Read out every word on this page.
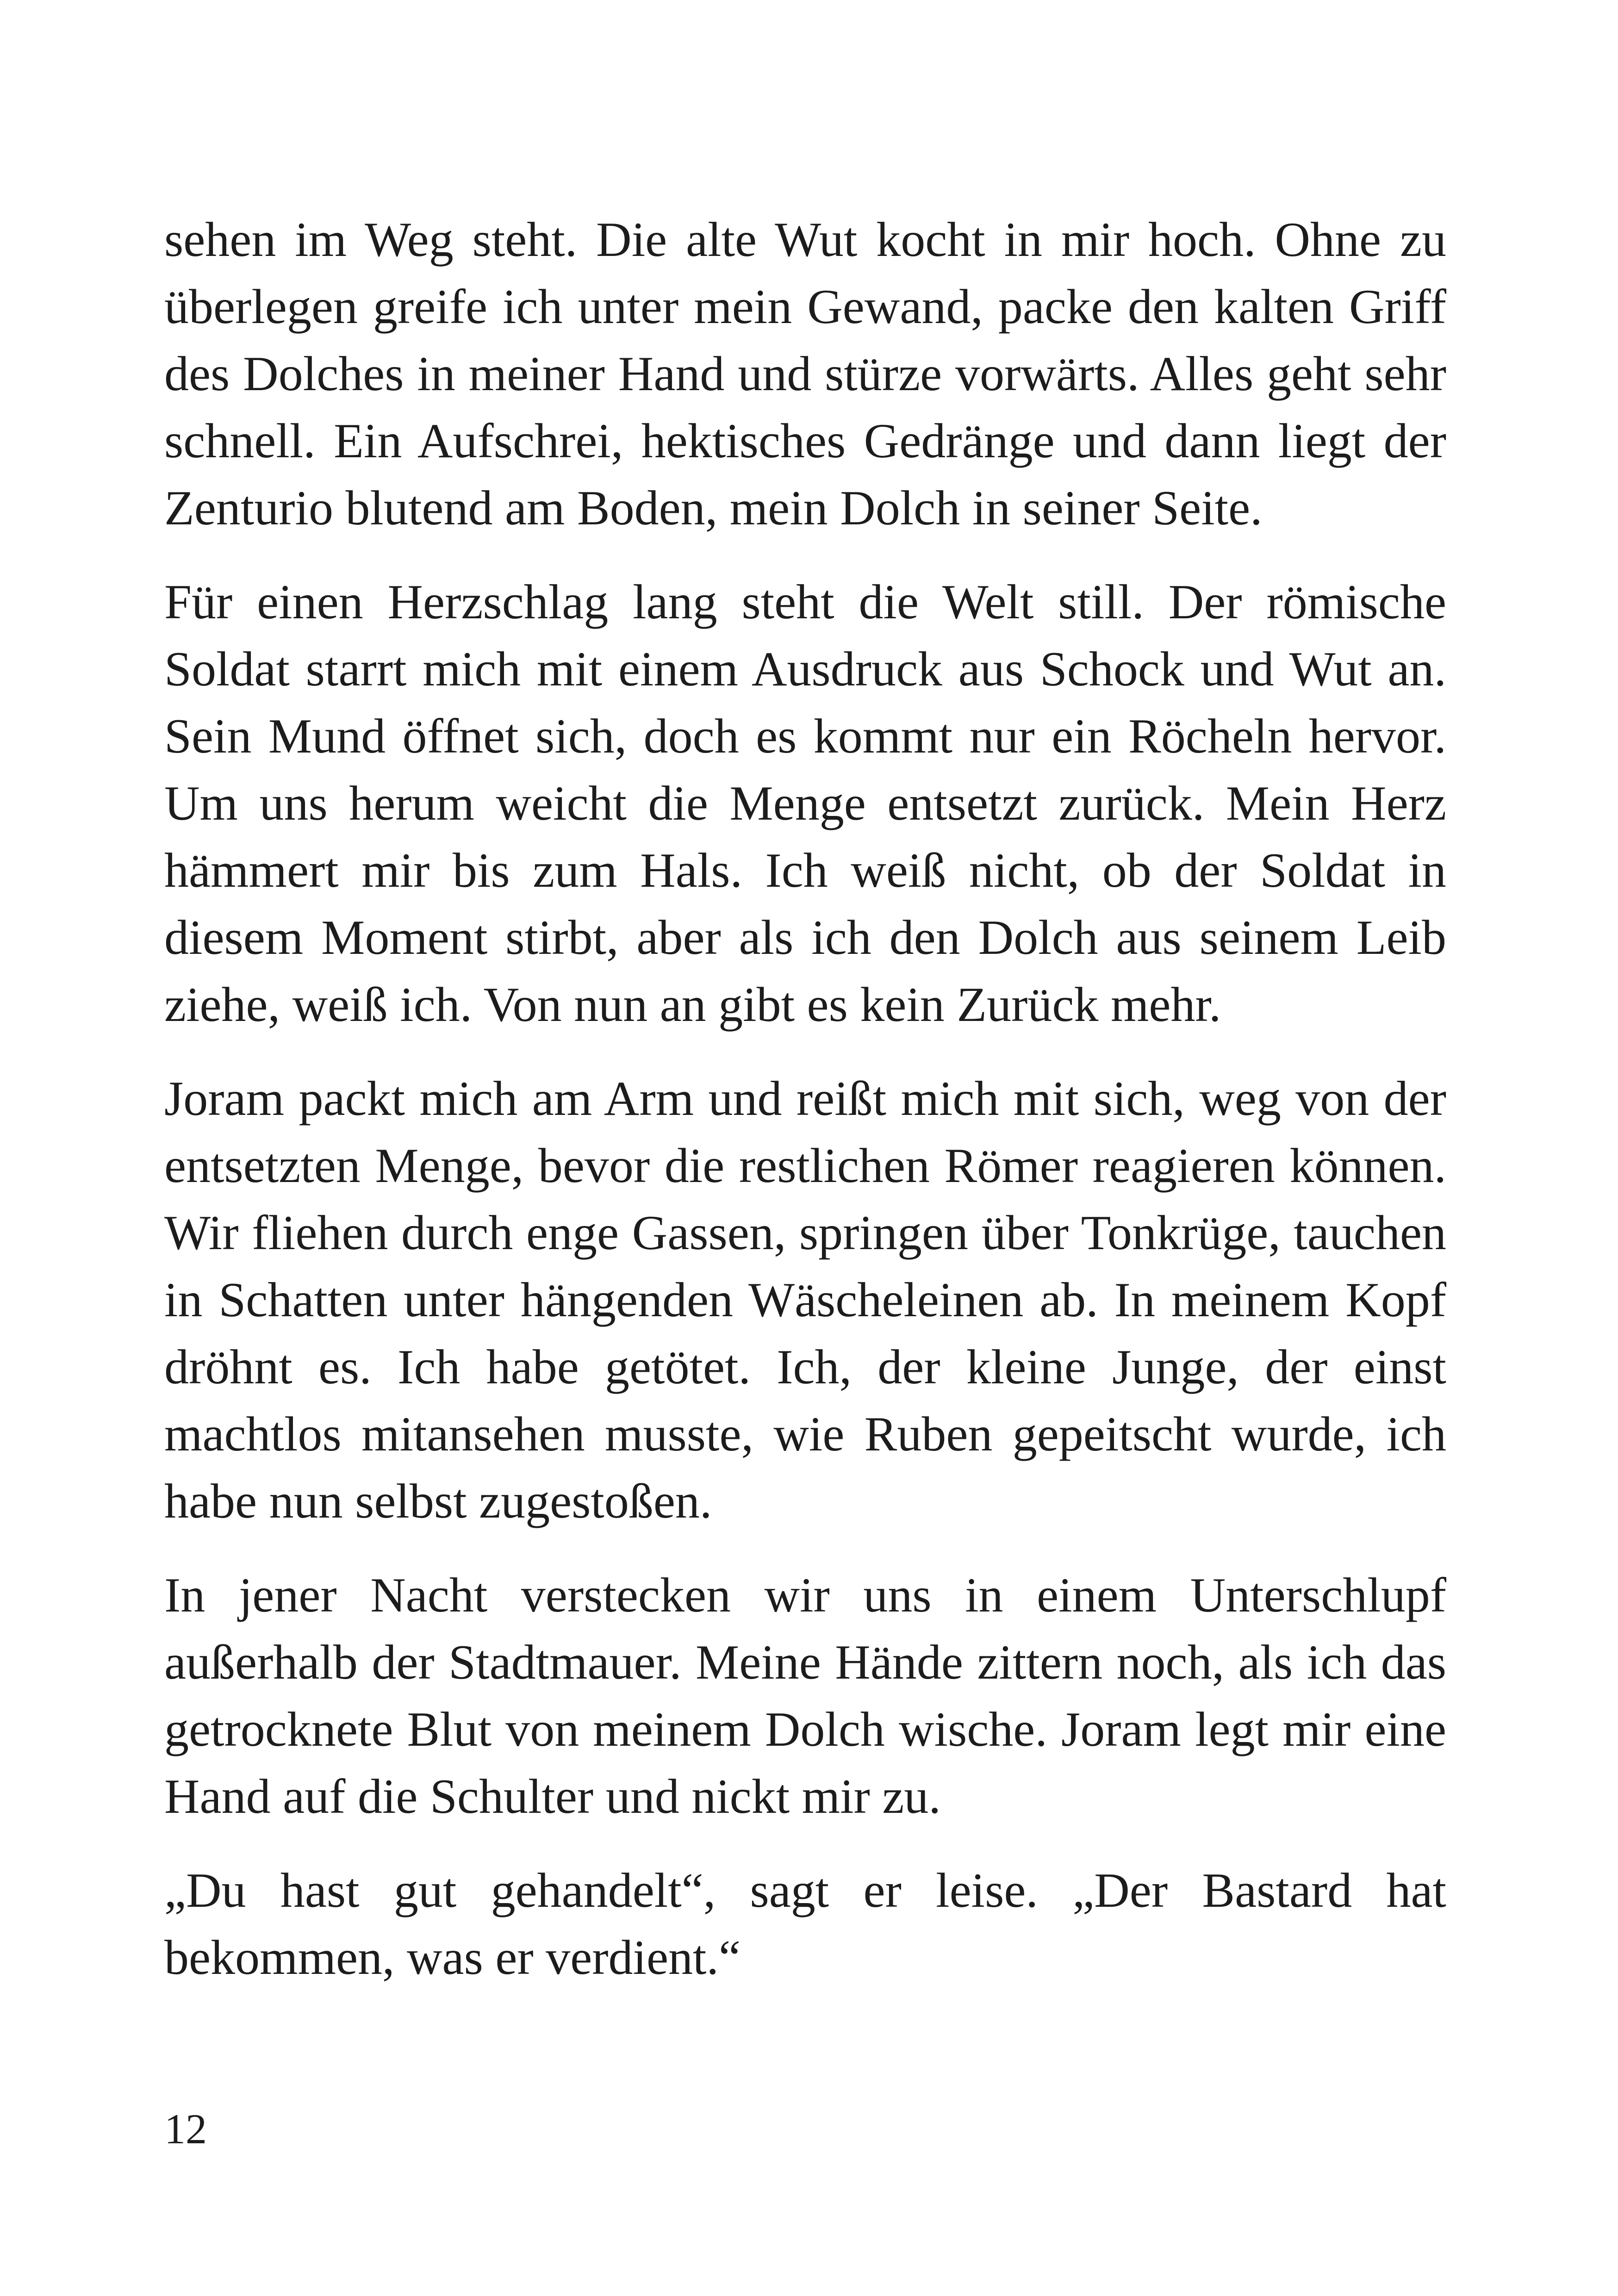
sehen im Weg steht. Die alte Wut kocht in mir hoch. Ohne zu überlegen greife ich unter mein Gewand, packe den kalten Griff des Dolches in meiner Hand und stürze vorwärts. Alles geht sehr schnell. Ein Aufschrei, hektisches Gedränge und dann liegt der Zenturio blutend am Boden, mein Dolch in seiner Seite.

Für einen Herzschlag lang steht die Welt still. Der römische Soldat starrt mich mit einem Ausdruck aus Schock und Wut an. Sein Mund öffnet sich, doch es kommt nur ein Röcheln hervor. Um uns herum weicht die Menge entsetzt zurück. Mein Herz hämmert mir bis zum Hals. Ich weiß nicht, ob der Soldat in diesem Moment stirbt, aber als ich den Dolch aus seinem Leib ziehe, weiß ich. Von nun an gibt es kein Zurück mehr.

Joram packt mich am Arm und reißt mich mit sich, weg von der entsetzten Menge, bevor die restlichen Römer reagieren können. Wir fliehen durch enge Gassen, springen über Tonkrüge, tauchen in Schatten unter hängenden Wäscheleinen ab. In meinem Kopf dröhnt es. Ich habe getötet. Ich, der kleine Junge, der einst machtlos mitansehen musste, wie Ruben gepeitscht wurde, ich habe nun selbst zugestoßen.

In jener Nacht verstecken wir uns in einem Unterschlupf außerhalb der Stadtmauer. Meine Hände zittern noch, als ich das getrocknete Blut von meinem Dolch wische. Joram legt mir eine Hand auf die Schulter und nickt mir zu.

„Du hast gut gehandelt“, sagt er leise. „Der Bastard hat bekommen, was er verdient.“

12
